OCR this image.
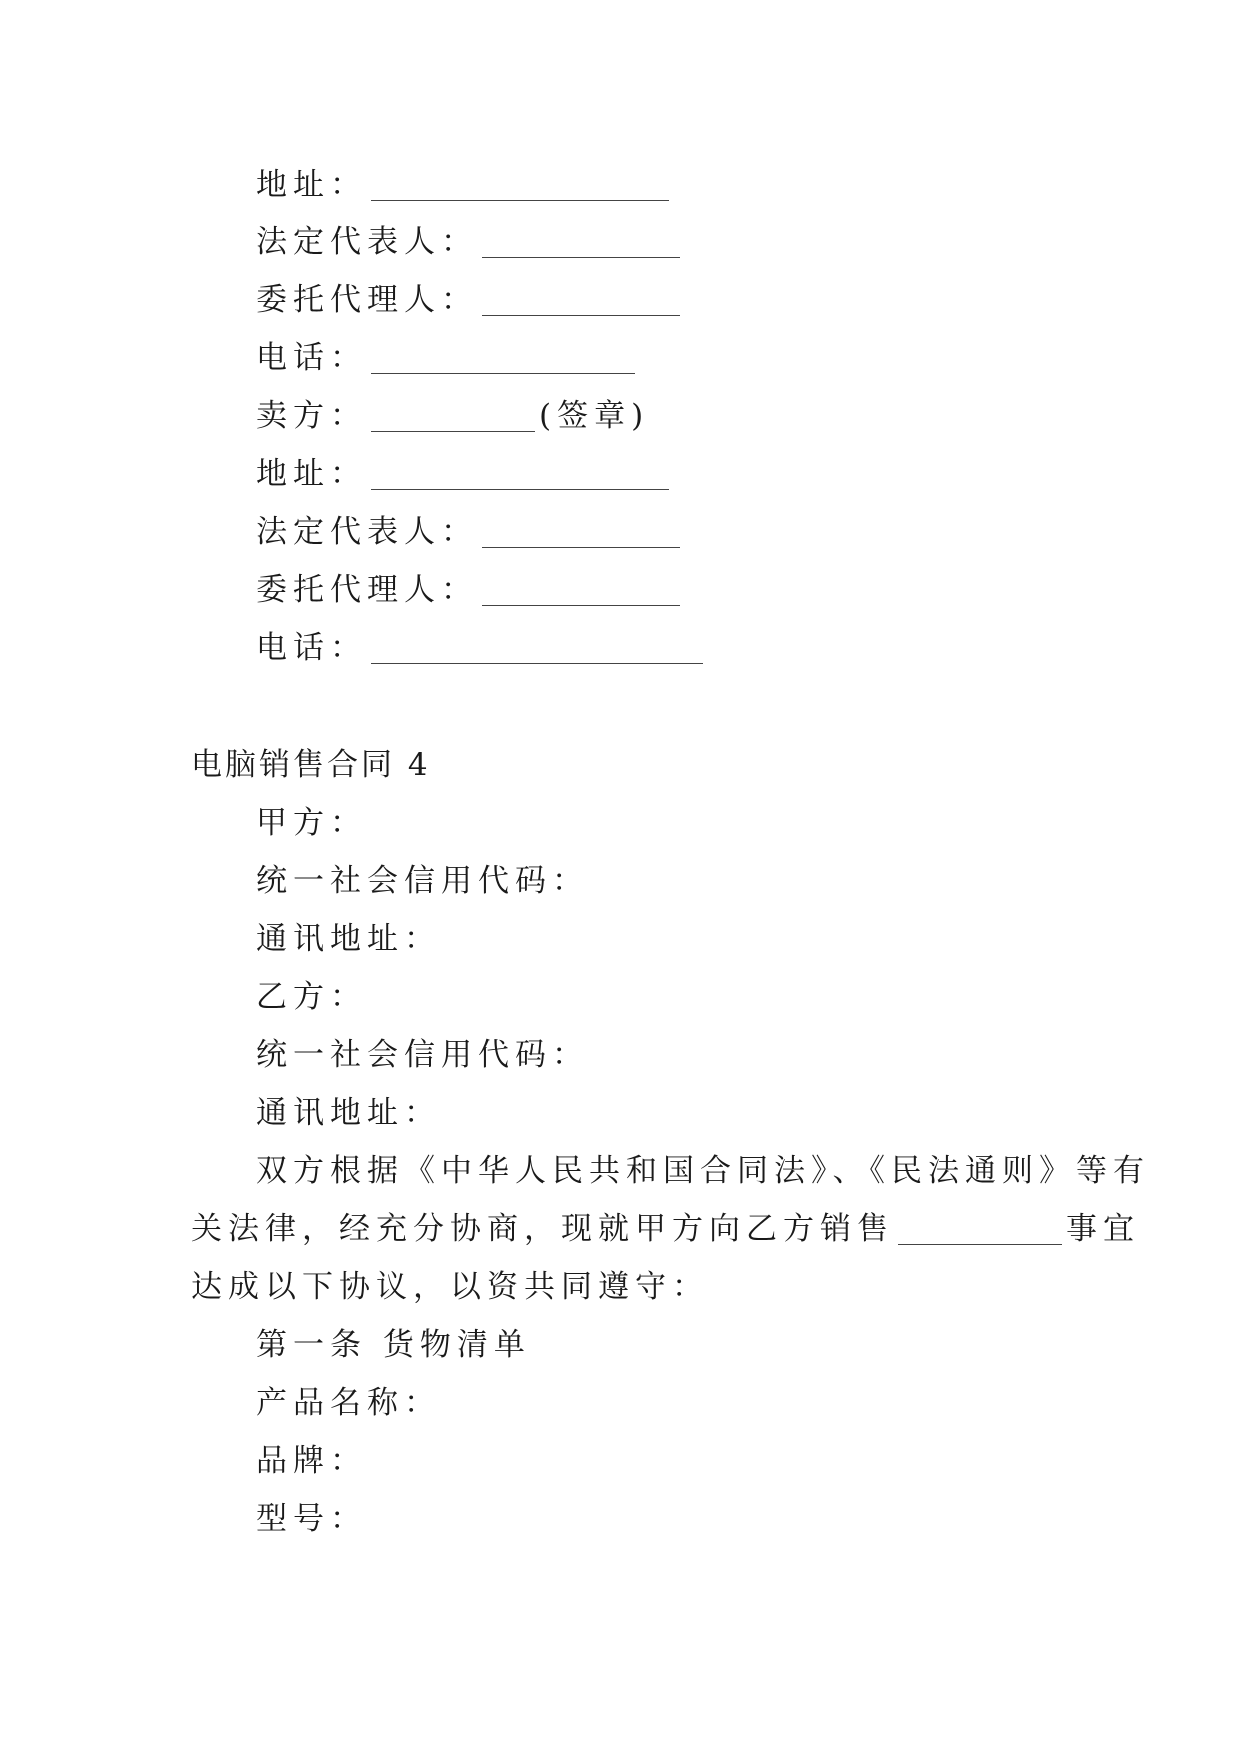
地址：
法定代表人：
委托代理人：
电话：
卖方：	(签章)
地址：
法定代表人：
委托代理人：
电话：
电脑销售合同 4
甲方：
统一社会信用代码：
通讯地址：
乙方：
统一社会信用代码：
通讯地址：
双方根据《中华人民共和国合同法》、《民法通则》等有
关法律，经充分协商，现就甲方向乙方销售	事宜
达成以下协议，以资共同遵守：
第一条 货物清单
产品名称：
品牌：
型号：
